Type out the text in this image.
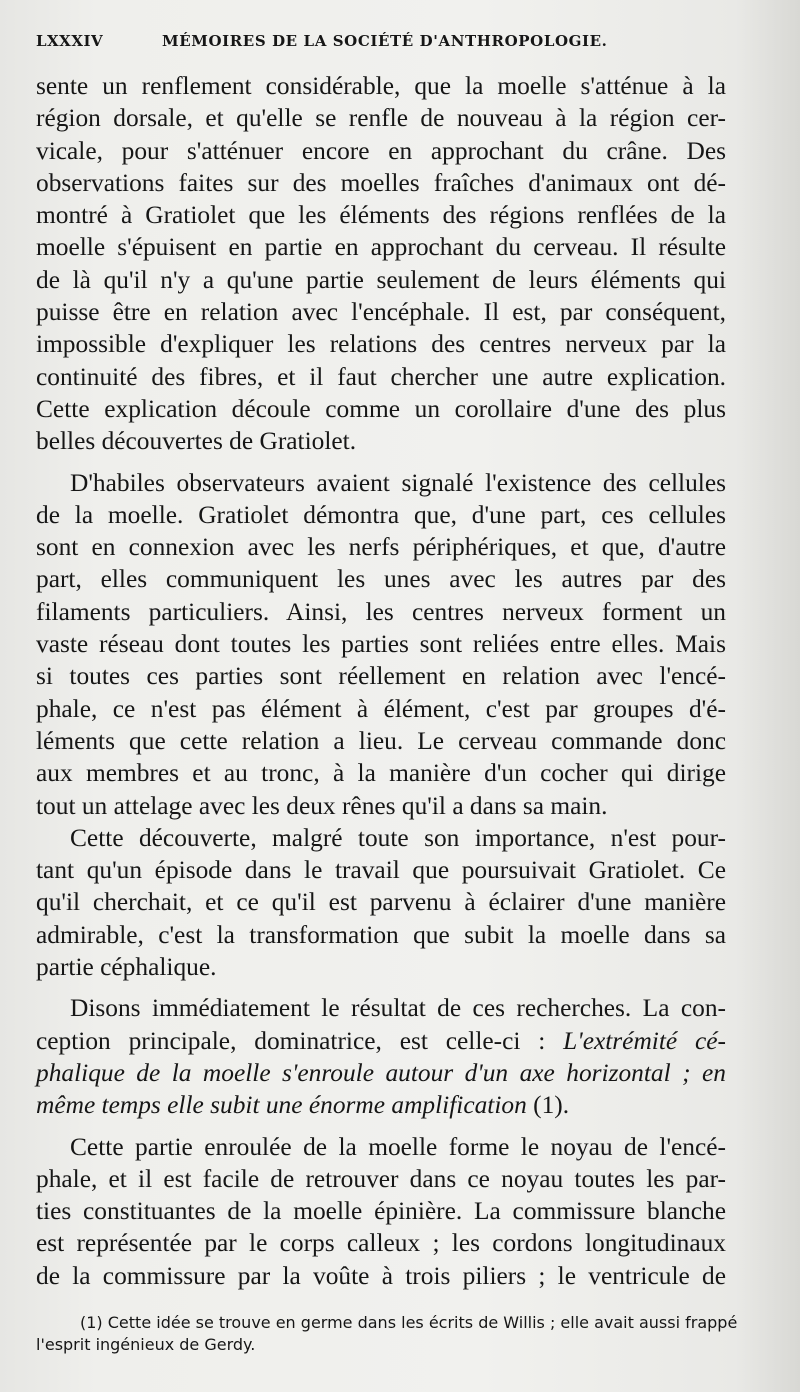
LXXXIV	MÉMOIRES DE LA SOCIÉTÉ D'ANTHROPOLOGIE.
sente un renflement considérable, que la moelle s'atténue à la
région dorsale, et qu'elle se renfle de nouveau à la région cer-
vicale, pour s'atténuer encore en approchant du crâne. Des
observations faites sur des moelles fraîches d'animaux ont dé-
montré à Gratiolet que les éléments des régions renflées de la
moelle s'épuisent en partie en approchant du cerveau. Il résulte
de là qu'il n'y a qu'une partie seulement de leurs éléments qui
puisse être en relation avec l'encéphale. Il est, par conséquent,
impossible d'expliquer les relations des centres nerveux par la
continuité des fibres, et il faut chercher une autre explication.
Cette explication découle comme un corollaire d'une des plus
belles découvertes de Gratiolet.
D'habiles observateurs avaient signalé l'existence des cellules
de la moelle. Gratiolet démontra que, d'une part, ces cellules
sont en connexion avec les nerfs périphériques, et que, d'autre
part, elles communiquent les unes avec les autres par des
filaments particuliers. Ainsi, les centres nerveux forment un
vaste réseau dont toutes les parties sont reliées entre elles. Mais
si toutes ces parties sont réellement en relation avec l'encé-
phale, ce n'est pas élément à élément, c'est par groupes d'é-
léments que cette relation a lieu. Le cerveau commande donc
aux membres et au tronc, à la manière d'un cocher qui dirige
tout un attelage avec les deux rênes qu'il a dans sa main.
Cette découverte, malgré toute son importance, n'est pour-
tant qu'un épisode dans le travail que poursuivait Gratiolet. Ce
qu'il cherchait, et ce qu'il est parvenu à éclairer d'une manière
admirable, c'est la transformation que subit la moelle dans sa
partie céphalique.
Disons immédiatement le résultat de ces recherches. La con-
ception principale, dominatrice, est celle-ci : L'extrémité cé-
phalique de la moelle s'enroule autour d'un axe horizontal ; en
même temps elle subit une énorme amplification (1).
Cette partie enroulée de la moelle forme le noyau de l'encé-
phale, et il est facile de retrouver dans ce noyau toutes les par-
ties constituantes de la moelle épinière. La commissure blanche
est représentée par le corps calleux ; les cordons longitudinaux
de la commissure par la voûte à trois piliers ; le ventricule de
(1) Cette idée se trouve en germe dans les écrits de Willis ; elle avait aussi frappé
l'esprit ingénieux de Gerdy.
